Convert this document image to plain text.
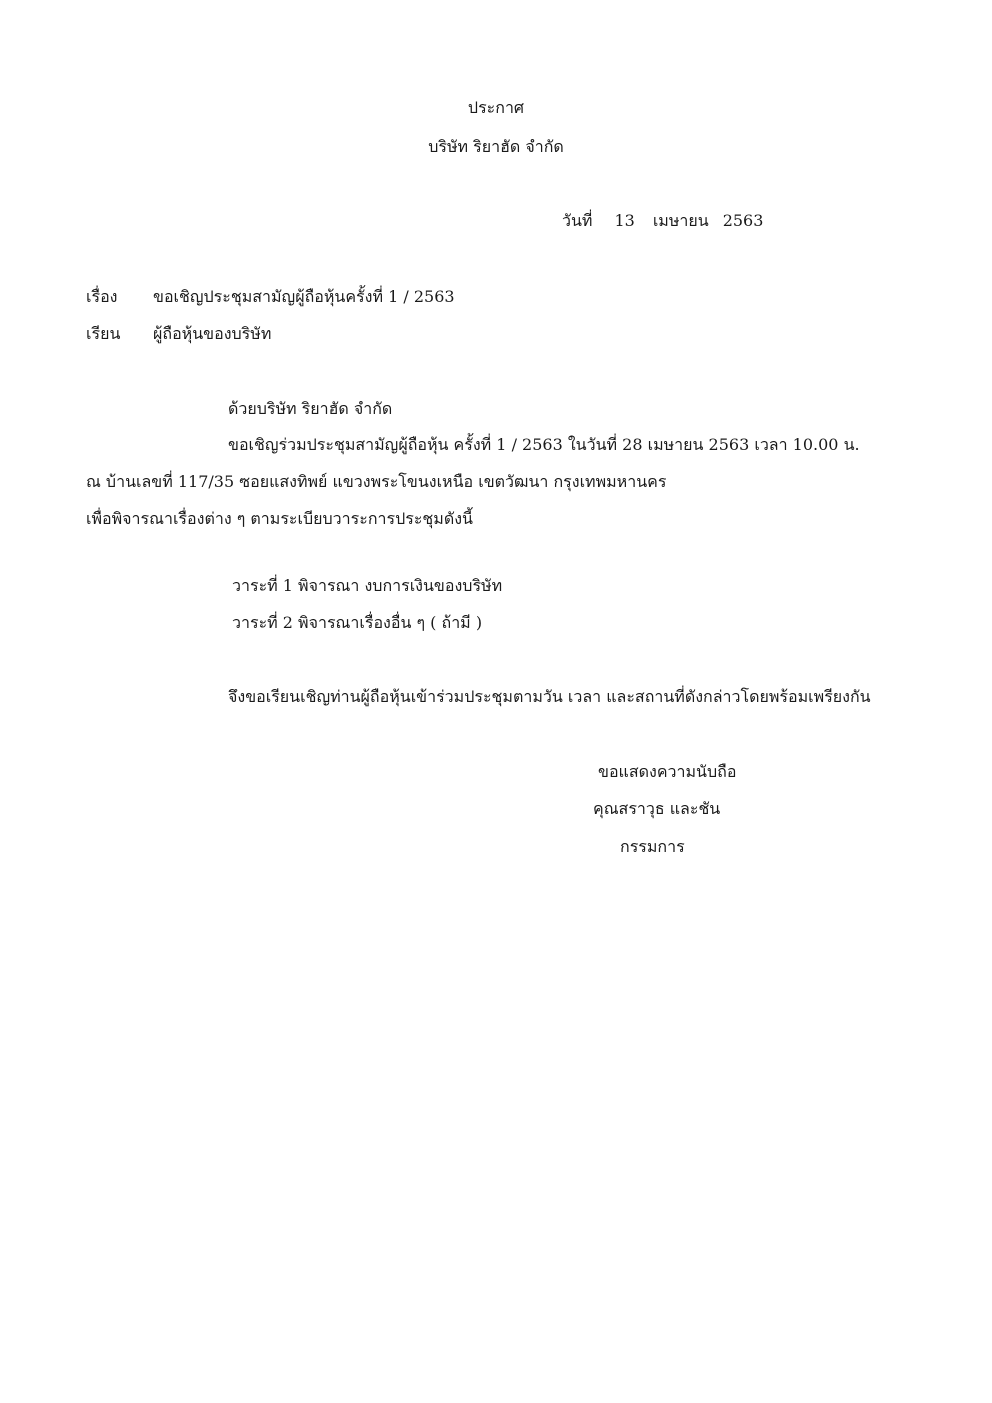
ประกาศ
บริษัท ริยาฮัด จำกัด
วันที่ 13 เมษายน 2563
เรื่อง ขอเชิญประชุมสามัญผู้ถือหุ้นครั้งที่ 1 / 2563
เรียน ผู้ถือหุ้นของบริษัท
ด้วยบริษัท ริยาฮัด จำกัด
ขอเชิญร่วมประชุมสามัญผู้ถือหุ้น ครั้งที่ 1 / 2563 ในวันที่ 28 เมษายน 2563 เวลา 10.00 น.
ณ บ้านเลขที่ 117/35 ซอยแสงทิพย์ แขวงพระโขนงเหนือ เขตวัฒนา กรุงเทพมหานคร
เพื่อพิจารณาเรื่องต่าง ๆ ตามระเบียบวาระการประชุมดังนี้
วาระที่ 1 พิจารณา งบการเงินของบริษัท
วาระที่ 2 พิจารณาเรื่องอื่น ๆ ( ถ้ามี )
จึงขอเรียนเชิญท่านผู้ถือหุ้นเข้าร่วมประชุมตามวัน เวลา และสถานที่ดังกล่าวโดยพร้อมเพรียงกัน
ขอแสดงความนับถือ
คุณสราวุธ และชัน
กรรมการ
